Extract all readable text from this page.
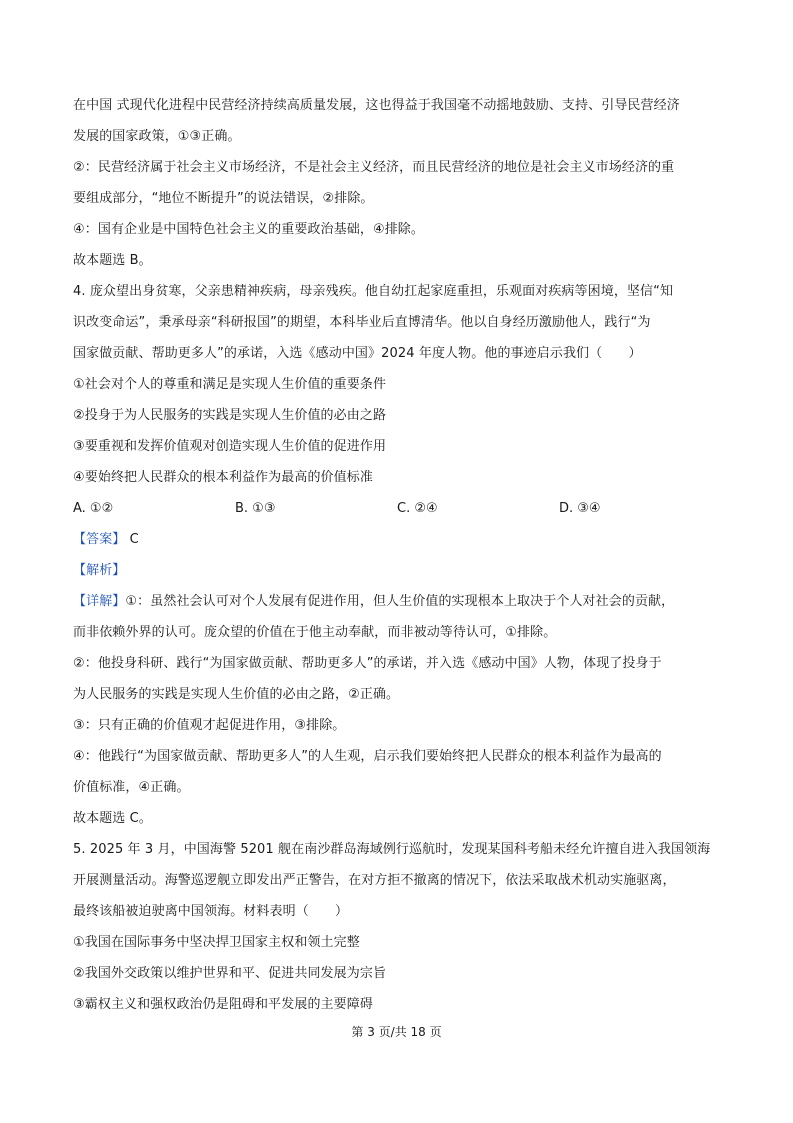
在中国 式现代化进程中民营经济持续高质量发展，这也得益于我国毫不动摇地鼓励、支持、引导民营经济
发展的国家政策，①③正确。
②：民营经济属于社会主义市场经济，不是社会主义经济，而且民营经济的地位是社会主义市场经济的重
要组成部分，“地位不断提升”的说法错误，②排除。
④：国有企业是中国特色社会主义的重要政治基础，④排除。
故本题选 B。
4. 庞众望出身贫寒，父亲患精神疾病，母亲残疾。他自幼扛起家庭重担，乐观面对疾病等困境，坚信“知
识改变命运”，秉承母亲“科研报国”的期望，本科毕业后直博清华。他以自身经历激励他人，践行“为
国家做贡献、帮助更多人”的承诺，入选《感动中国》2024 年度人物。他的事迹启示我们（　　）
①社会对个人的尊重和满足是实现人生价值的重要条件
②投身于为人民服务的实践是实现人生价值的必由之路
③要重视和发挥价值观对创造实现人生价值的促进作用
④要始终把人民群众的根本利益作为最高的价值标准
A. ①②	B. ①③	C. ②④	D. ③④
【答案】 C
【解析】
【详解】①：虽然社会认可对个人发展有促进作用，但人生价值的实现根本上取决于个人对社会的贡献，
而非依赖外界的认可。庞众望的价值在于他主动奉献，而非被动等待认可，①排除。
②：他投身科研、践行“为国家做贡献、帮助更多人”的承诺，并入选《感动中国》人物，体现了投身于
为人民服务的实践是实现人生价值的必由之路，②正确。
③：只有正确的价值观才起促进作用，③排除。
④：他践行“为国家做贡献、帮助更多人”的人生观，启示我们要始终把人民群众的根本利益作为最高的
价值标准，④正确。
故本题选 C。
5. 2025 年 3 月，中国海警 5201 舰在南沙群岛海域例行巡航时，发现某国科考船未经允许擅自进入我国领海
开展测量活动。海警巡逻舰立即发出严正警告，在对方拒不撤离的情况下，依法采取战术机动实施驱离，
最终该船被迫驶离中国领海。材料表明（　　）
①我国在国际事务中坚决捍卫国家主权和领土完整
②我国外交政策以维护世界和平、促进共同发展为宗旨
③霸权主义和强权政治仍是阻碍和平发展的主要障碍
第 3 页/共 18 页
